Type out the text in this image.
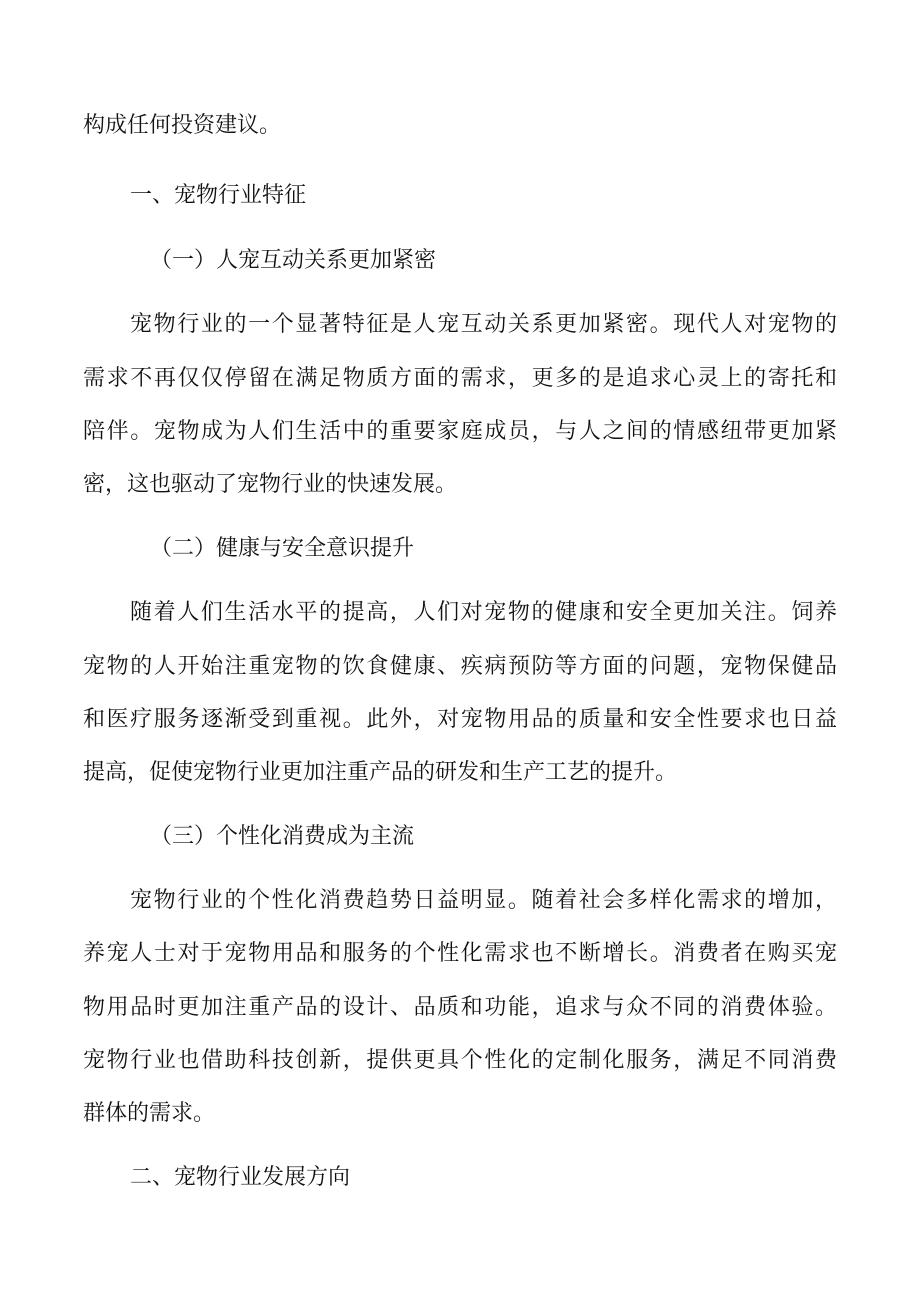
构成任何投资建议。
一、宠物行业特征
（一）人宠互动关系更加紧密
宠物行业的一个显著特征是人宠互动关系更加紧密。现代人对宠物的
需求不再仅仅停留在满足物质方面的需求，更多的是追求心灵上的寄托和
陪伴。宠物成为人们生活中的重要家庭成员，与人之间的情感纽带更加紧
密，这也驱动了宠物行业的快速发展。
（二）健康与安全意识提升
随着人们生活水平的提高，人们对宠物的健康和安全更加关注。饲养
宠物的人开始注重宠物的饮食健康、疾病预防等方面的问题，宠物保健品
和医疗服务逐渐受到重视。此外，对宠物用品的质量和安全性要求也日益
提高，促使宠物行业更加注重产品的研发和生产工艺的提升。
（三）个性化消费成为主流
宠物行业的个性化消费趋势日益明显。随着社会多样化需求的增加，
养宠人士对于宠物用品和服务的个性化需求也不断增长。消费者在购买宠
物用品时更加注重产品的设计、品质和功能，追求与众不同的消费体验。
宠物行业也借助科技创新，提供更具个性化的定制化服务，满足不同消费
群体的需求。
二、宠物行业发展方向
